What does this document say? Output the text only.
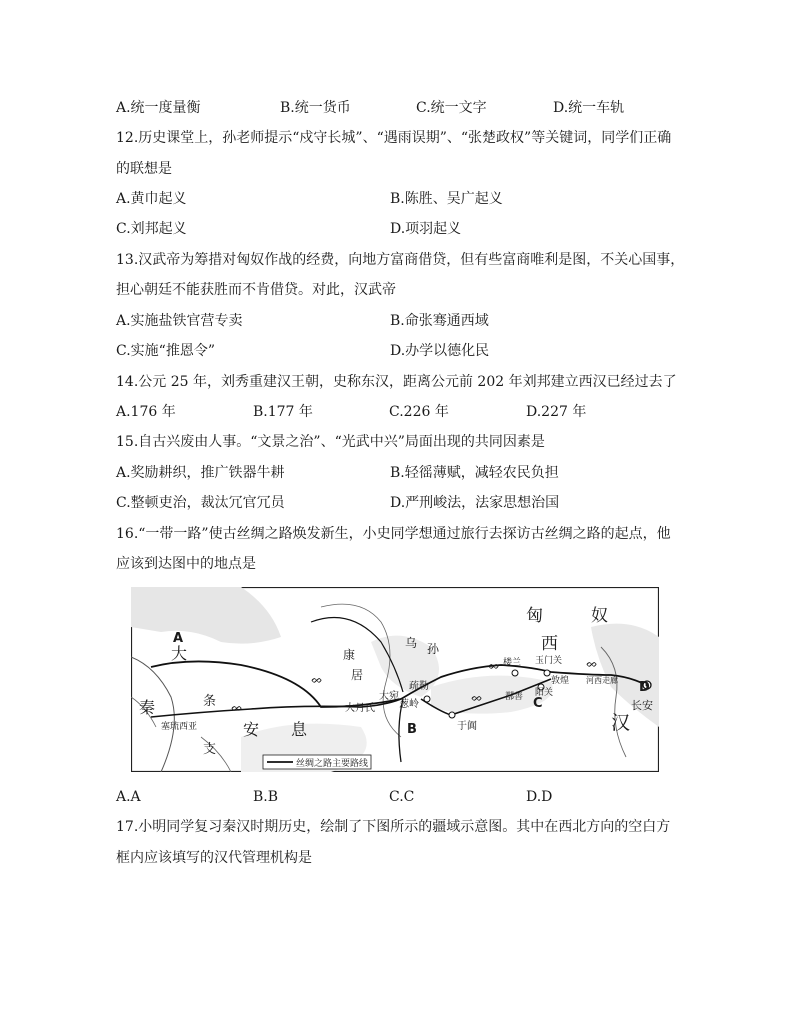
A.统一度量衡	B.统一货币	C.统一文字	D.统一车轨
12.历史课堂上，孙老师提示“戍守长城”、“遇雨误期”、“张楚政权”等关键词，同学们正确
的联想是
A.黄巾起义	B.陈胜、吴广起义
C.刘邦起义	D.项羽起义
13.汉武帝为筹措对匈奴作战的经费，向地方富商借贷，但有些富商唯利是图，不关心国事，
担心朝廷不能获胜而不肯借贷。对此，汉武帝
A.实施盐铁官营专卖	B.命张骞通西域
C.实施“推恩令”	D.办学以德化民
14.公元 25 年，刘秀重建汉王朝，史称东汉，距离公元前 202 年刘邦建立西汉已经过去了
A.176 年	B.177 年	C.226 年	D.227 年
15.自古兴废由人事。“文景之治”、“光武中兴”局面出现的共同因素是
A.奖励耕织，推广铁器牛耕	B.轻徭薄赋，减轻农民负担
C.整顿吏治，裁汰冗官冗员	D.严刑峻法，法家思想治国
16.“一带一路”使古丝绸之路焕发新生，小史同学想通过旅行去探访古丝绸之路的起点，他
应该到达图中的地点是
ᨖ
ᨖ
ᨖ
ᨖ	ᨖ
A
B
C
D
匈	奴
西
汉
大
秦	条
支
安 息
康
居
乌 孙
大宛
疏勒
葱岭
大月氏
楼兰 玉门关
敦煌 河西走廊
鄯善 阳关
于阗
长安
塞琉西亚
丝绸之路主要路线
A.A	B.B	C.C	D.D
17.小明同学复习秦汉时期历史，绘制了下图所示的疆域示意图。其中在西北方向的空白方
框内应该填写的汉代管理机构是
